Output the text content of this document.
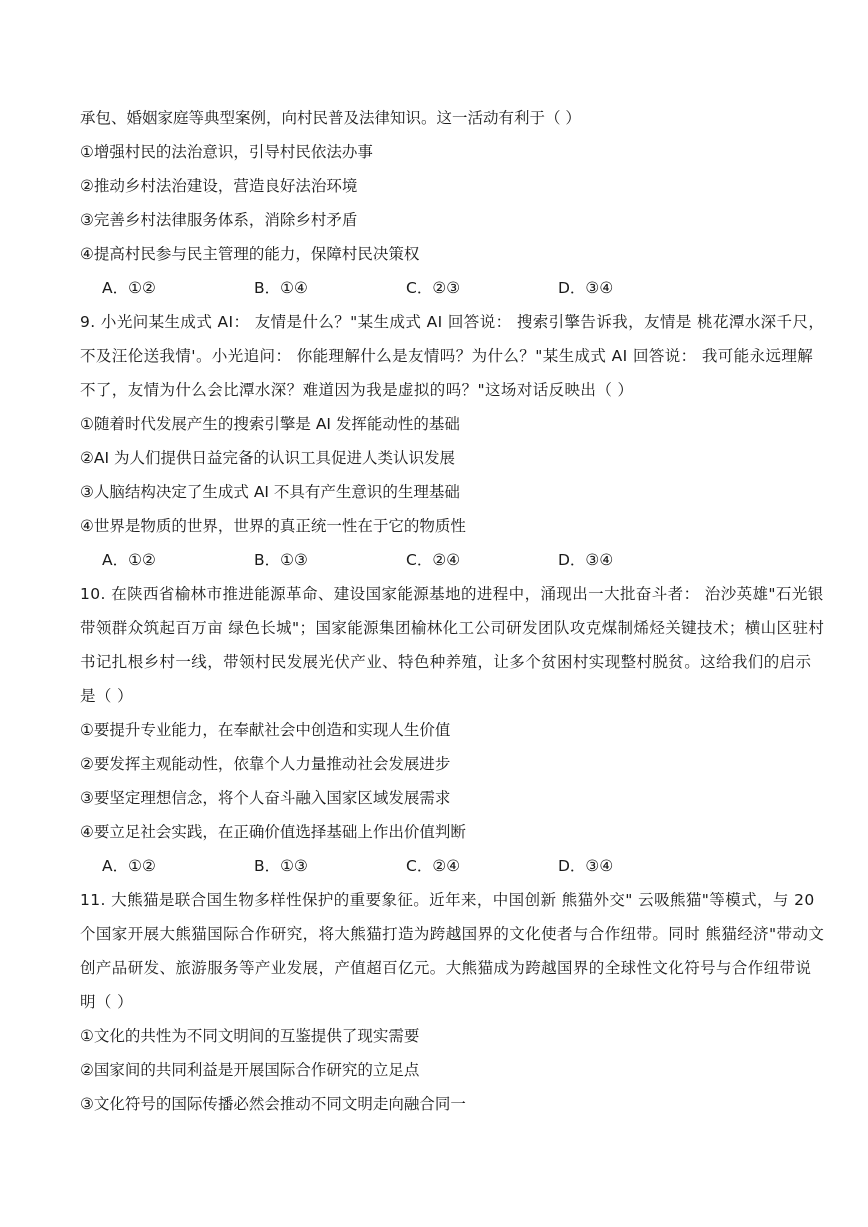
承包、婚姻家庭等典型案例，向村民普及法律知识。这一活动有利于（ ）
①增强村民的法治意识，引导村民依法办事
②推动乡村法治建设，营造良好法治环境
③完善乡村法律服务体系，消除乡村矛盾
④提高村民参与民主管理的能力，保障村民决策权
A．①②	B．①④	C．②③	D．③④
9. 小光问某生成式 AI： 友情是什么？"某生成式 AI 回答说： 搜索引擎告诉我，友情是 桃花潭水深千尺，
不及汪伦送我情'。小光追问： 你能理解什么是友情吗？为什么？"某生成式 AI 回答说： 我可能永远理解
不了，友情为什么会比潭水深？难道因为我是虚拟的吗？"这场对话反映出（ ）
①随着时代发展产生的搜索引擎是 AI 发挥能动性的基础
②AI 为人们提供日益完备的认识工具促进人类认识发展
③人脑结构决定了生成式 AI 不具有产生意识的生理基础
④世界是物质的世界，世界的真正统一性在于它的物质性
A．①②	B．①③	C．②④	D．③④
10. 在陕西省榆林市推进能源革命、建设国家能源基地的进程中，涌现出一大批奋斗者： 治沙英雄"石光银
带领群众筑起百万亩 绿色长城"；国家能源集团榆林化工公司研发团队攻克煤制烯烃关键技术；横山区驻村
书记扎根乡村一线，带领村民发展光伏产业、特色种养殖，让多个贫困村实现整村脱贫。这给我们的启示
是（ ）
①要提升专业能力，在奉献社会中创造和实现人生价值
②要发挥主观能动性，依靠个人力量推动社会发展进步
③要坚定理想信念，将个人奋斗融入国家区域发展需求
④要立足社会实践，在正确价值选择基础上作出价值判断
A．①②	B．①③	C．②④	D．③④
11. 大熊猫是联合国生物多样性保护的重要象征。近年来，中国创新 熊猫外交" 云吸熊猫"等模式，与 20
个国家开展大熊猫国际合作研究，将大熊猫打造为跨越国界的文化使者与合作纽带。同时 熊猫经济"带动文
创产品研发、旅游服务等产业发展，产值超百亿元。大熊猫成为跨越国界的全球性文化符号与合作纽带说
明（ ）
①文化的共性为不同文明间的互鉴提供了现实需要
②国家间的共同利益是开展国际合作研究的立足点
③文化符号的国际传播必然会推动不同文明走向融合同一
